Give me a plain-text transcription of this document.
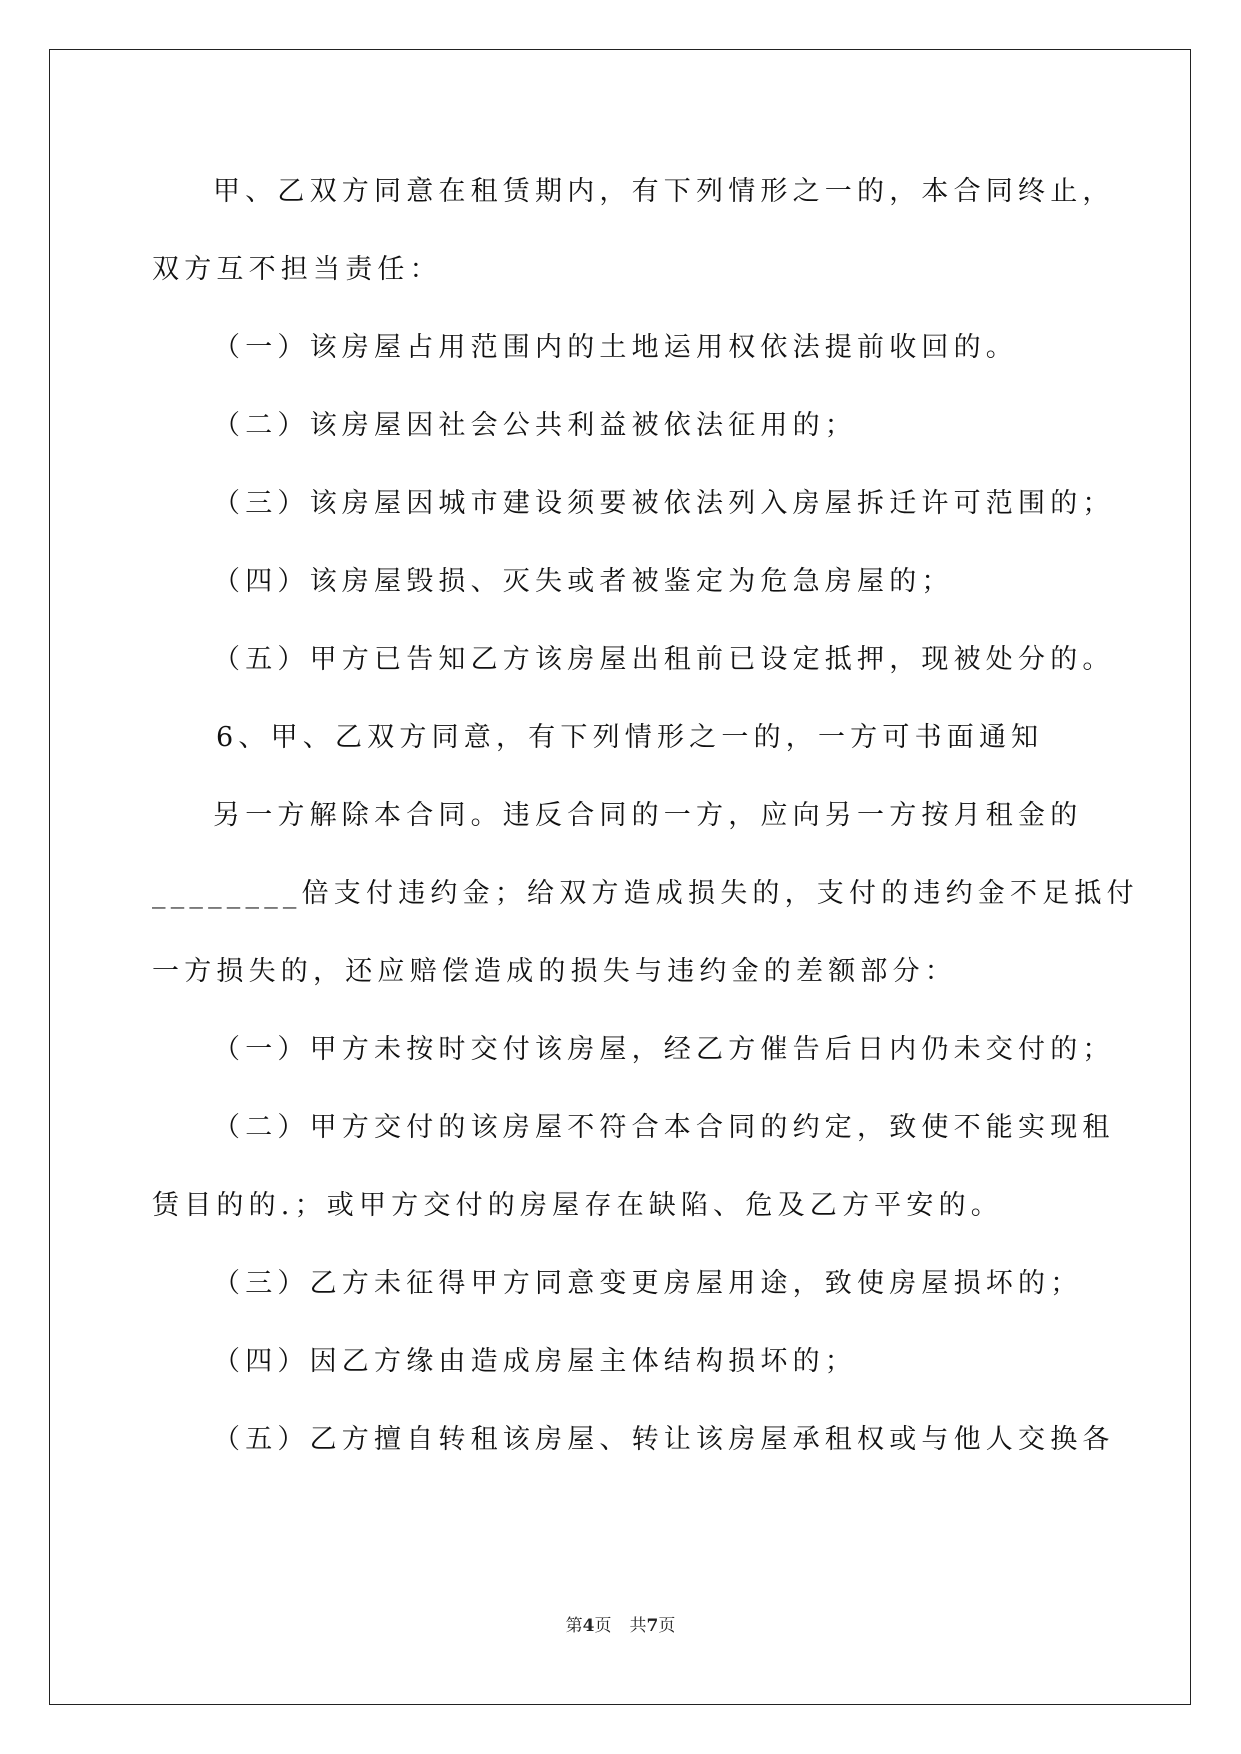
甲、乙双方同意在租赁期内，有下列情形之一的，本合同终止，
双方互不担当责任：
（一）该房屋占用范围内的土地运用权依法提前收回的。
（二）该房屋因社会公共利益被依法征用的；
（三）该房屋因城市建设须要被依法列入房屋拆迁许可范围的；
（四）该房屋毁损、灭失或者被鉴定为危急房屋的；
（五）甲方已告知乙方该房屋出租前已设定抵押，现被处分的。
6、甲、乙双方同意，有下列情形之一的，一方可书面通知
另一方解除本合同。违反合同的一方，应向另一方按月租金的
________倍支付违约金；给双方造成损失的，支付的违约金不足抵付
一方损失的，还应赔偿造成的损失与违约金的差额部分：
（一）甲方未按时交付该房屋，经乙方催告后日内仍未交付的；
（二）甲方交付的该房屋不符合本合同的约定，致使不能实现租
赁目的的.；或甲方交付的房屋存在缺陷、危及乙方平安的。
（三）乙方未征得甲方同意变更房屋用途，致使房屋损坏的；
（四）因乙方缘由造成房屋主体结构损坏的；
（五）乙方擅自转租该房屋、转让该房屋承租权或与他人交换各
第4页 共7页
